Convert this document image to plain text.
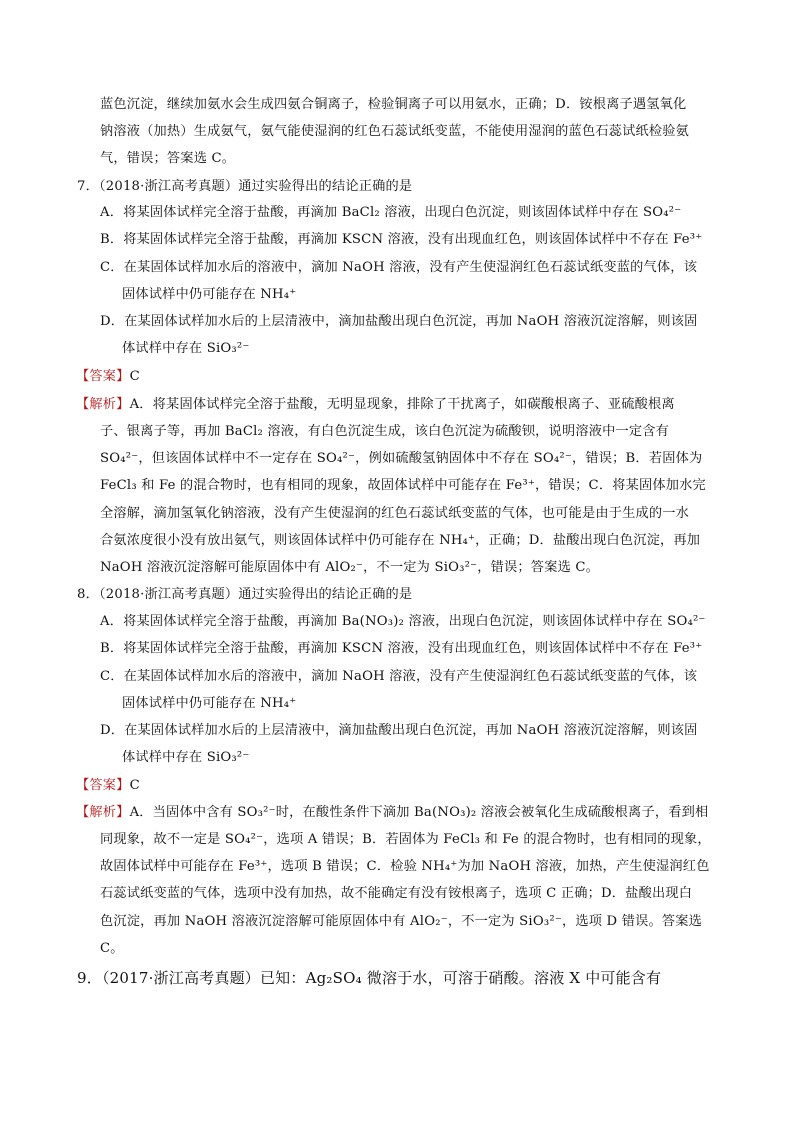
蓝色沉淀，继续加氨水会生成四氨合铜离子，检验铜离子可以用氨水，正确；D．铵根离子遇氢氧化
钠溶液（加热）生成氨气，氨气能使湿润的红色石蕊试纸变蓝，不能使用湿润的蓝色石蕊试纸检验氨
气，错误；答案选 C。
7．（2018·浙江高考真题）通过实验得出的结论正确的是
A．将某固体试样完全溶于盐酸，再滴加 BaCl₂ 溶液，出现白色沉淀，则该固体试样中存在 SO₄²⁻
B．将某固体试样完全溶于盐酸，再滴加 KSCN 溶液，没有出现血红色，则该固体试样中不存在 Fe³⁺
C．在某固体试样加水后的溶液中，滴加 NaOH 溶液，没有产生使湿润红色石蕊试纸变蓝的气体，该
固体试样中仍可能存在 NH₄⁺
D．在某固体试样加水后的上层清液中，滴加盐酸出现白色沉淀，再加 NaOH 溶液沉淀溶解，则该固
体试样中存在 SiO₃²⁻
【答案】C
【解析】A．将某固体试样完全溶于盐酸，无明显现象，排除了干扰离子，如碳酸根离子、亚硫酸根离
子、银离子等，再加 BaCl₂ 溶液，有白色沉淀生成，该白色沉淀为硫酸钡，说明溶液中一定含有
SO₄²⁻，但该固体试样中不一定存在 SO₄²⁻，例如硫酸氢钠固体中不存在 SO₄²⁻，错误；B．若固体为
FeCl₃ 和 Fe 的混合物时，也有相同的现象，故固体试样中可能存在 Fe³⁺，错误；C．将某固体加水完
全溶解，滴加氢氧化钠溶液，没有产生使湿润的红色石蕊试纸变蓝的气体，也可能是由于生成的一水
合氨浓度很小没有放出氨气，则该固体试样中仍可能存在 NH₄⁺，正确；D．盐酸出现白色沉淀，再加
NaOH 溶液沉淀溶解可能原固体中有 AlO₂⁻，不一定为 SiO₃²⁻，错误；答案选 C。
8．（2018·浙江高考真题）通过实验得出的结论正确的是
A．将某固体试样完全溶于盐酸，再滴加 Ba(NO₃)₂ 溶液，出现白色沉淀，则该固体试样中存在 SO₄²⁻
B．将某固体试样完全溶于盐酸，再滴加 KSCN 溶液，没有出现血红色，则该固体试样中不存在 Fe³⁺
C．在某固体试样加水后的溶液中，滴加 NaOH 溶液，没有产生使湿润红色石蕊试纸变蓝的气体，该
固体试样中仍可能存在 NH₄⁺
D．在某固体试样加水后的上层清液中，滴加盐酸出现白色沉淀，再加 NaOH 溶液沉淀溶解，则该固
体试样中存在 SiO₃²⁻
【答案】C
【解析】A．当固体中含有 SO₃²⁻时，在酸性条件下滴加 Ba(NO₃)₂ 溶液会被氧化生成硫酸根离子，看到相
同现象，故不一定是 SO₄²⁻，选项 A 错误；B．若固体为 FeCl₃ 和 Fe 的混合物时，也有相同的现象，
故固体试样中可能存在 Fe³⁺，选项 B 错误；C．检验 NH₄⁺为加 NaOH 溶液，加热，产生使湿润红色
石蕊试纸变蓝的气体，选项中没有加热，故不能确定有没有铵根离子，选项 C 正确；D．盐酸出现白
色沉淀，再加 NaOH 溶液沉淀溶解可能原固体中有 AlO₂⁻，不一定为 SiO₃²⁻，选项 D 错误。答案选
C。
9．（2017·浙江高考真题）已知：Ag₂SO₄ 微溶于水，可溶于硝酸。溶液 X 中可能含有
